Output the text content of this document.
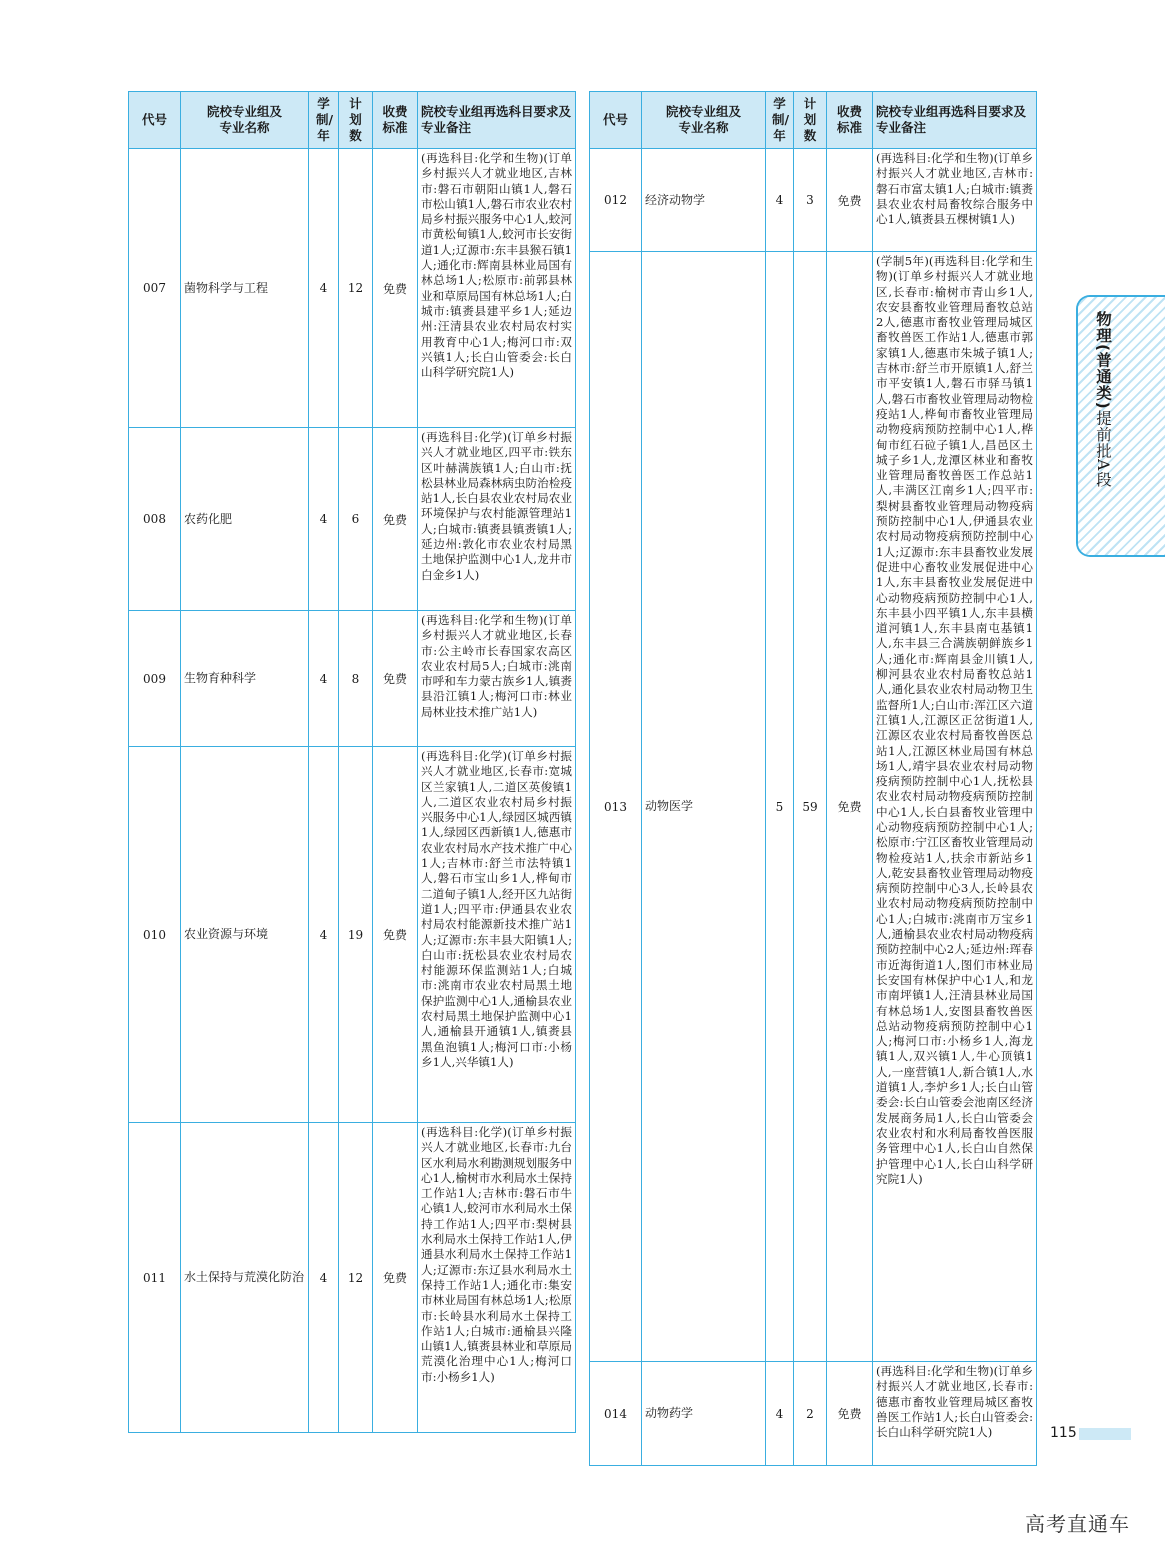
代号	院校专业组及专业名称	学制/年	计划数	收费标准	院校专业组再选科目要求及专业备注
007	菌物科学与工程	4	12	免费	(再选科目:化学和生物)(订单乡村振兴人才就业地区,吉林市:磐石市朝阳山镇1人,磐石市松山镇1人,磐石市农业农村局乡村振兴服务中心1人,蛟河市黄松甸镇1人,蛟河市长安街道1人;辽源市:东丰县猴石镇1人;通化市:辉南县林业局国有林总场1人;松原市:前郭县林业和草原局国有林总场1人;白城市:镇赉县建平乡1人;延边州:汪清县农业农村局农村实用教育中心1人;梅河口市:双兴镇1人;长白山管委会:长白山科学研究院1人)
008	农药化肥	4	6	免费	(再选科目:化学)(订单乡村振兴人才就业地区,四平市:铁东区叶赫满族镇1人;白山市:抚松县林业局森林病虫防治检疫站1人,长白县农业农村局农业环境保护与农村能源管理站1人;白城市:镇赉县镇赉镇1人;延边州:敦化市农业农村局黑土地保护监测中心1人,龙井市白金乡1人)
009	生物育种科学	4	8	免费	(再选科目:化学和生物)(订单乡村振兴人才就业地区,长春市:公主岭市长春国家农高区农业农村局5人;白城市:洮南市呼和车力蒙古族乡1人,镇赉县沿江镇1人;梅河口市:林业局林业技术推广站1人)
010	农业资源与环境	4	19	免费	(再选科目:化学)(订单乡村振兴人才就业地区,长春市:宽城区兰家镇1人,二道区英俊镇1人,二道区农业农村局乡村振兴服务中心1人,绿园区城西镇1人,绿园区西新镇1人,德惠市农业农村局水产技术推广中心1人;吉林市:舒兰市法特镇1人,磐石市宝山乡1人,桦甸市二道甸子镇1人,经开区九站街道1人;四平市:伊通县农业农村局农村能源新技术推广站1人;辽源市:东丰县大阳镇1人;白山市:抚松县农业农村局农村能源环保监测站1人;白城市:洮南市农业农村局黑土地保护监测中心1人,通榆县农业农村局黑土地保护监测中心1人,通榆县开通镇1人,镇赉县黑鱼泡镇1人;梅河口市:小杨乡1人,兴华镇1人)
011	水土保持与荒漠化防治	4	12	免费	(再选科目:化学)(订单乡村振兴人才就业地区,长春市:九台区水利局水利勘测规划服务中心1人,榆树市水利局水土保持工作站1人;吉林市:磐石市牛心镇1人,蛟河市水利局水土保持工作站1人;四平市:梨树县水利局水土保持工作站1人,伊通县水利局水土保持工作站1人;辽源市:东辽县水利局水土保持工作站1人;通化市:集安市林业局国有林总场1人;松原市:长岭县水利局水土保持工作站1人;白城市:通榆县兴隆山镇1人,镇赉县林业和草原局荒漠化治理中心1人;梅河口市:小杨乡1人)
代号	院校专业组及专业名称	学制/年	计划数	收费标准	院校专业组再选科目要求及专业备注
012	经济动物学	4	3	免费	(再选科目:化学和生物)(订单乡村振兴人才就业地区,吉林市:磐石市富太镇1人;白城市:镇赉县农业农村局畜牧综合服务中心1人,镇赉县五棵树镇1人)
013	动物医学	5	59	免费	(学制5年)(再选科目:化学和生物)(订单乡村振兴人才就业地区,长春市:榆树市青山乡1人,农安县畜牧业管理局畜牧总站2人,德惠市畜牧业管理局城区畜牧兽医工作站1人,德惠市郭家镇1人,德惠市朱城子镇1人;吉林市:舒兰市开原镇1人,舒兰市平安镇1人,磐石市驿马镇1人,磐石市畜牧业管理局动物检疫站1人,桦甸市畜牧业管理局动物疫病预防控制中心1人,桦甸市红石砬子镇1人,昌邑区土城子乡1人,龙潭区林业和畜牧业管理局畜牧兽医工作总站1人,丰满区江南乡1人;四平市:梨树县畜牧业管理局动物疫病预防控制中心1人,伊通县农业农村局动物疫病预防控制中心1人;辽源市:东丰县畜牧业发展促进中心畜牧业发展促进中心1人,东丰县畜牧业发展促进中心动物疫病预防控制中心1人,东丰县小四平镇1人,东丰县横道河镇1人,东丰县南屯基镇1人,东丰县三合满族朝鲜族乡1人;通化市:辉南县金川镇1人,柳河县农业农村局畜牧总站1人,通化县农业农村局动物卫生监督所1人;白山市:浑江区六道江镇1人,江源区正岔街道1人,江源区农业农村局畜牧兽医总站1人,江源区林业局国有林总场1人,靖宇县农业农村局动物疫病预防控制中心1人,抚松县农业农村局动物疫病预防控制中心1人,长白县畜牧业管理中心动物疫病预防控制中心1人;松原市:宁江区畜牧业管理局动物检疫站1人,扶余市新站乡1人,乾安县畜牧业管理局动物疫病预防控制中心3人,长岭县农业农村局动物疫病预防控制中心1人;白城市:洮南市万宝乡1人,通榆县农业农村局动物疫病预防控制中心2人;延边州:珲春市近海街道1人,图们市林业局长安国有林保护中心1人,和龙市南坪镇1人,汪清县林业局国有林总场1人,安图县畜牧兽医总站动物疫病预防控制中心1人;梅河口市:小杨乡1人,海龙镇1人,双兴镇1人,牛心顶镇1人,一座营镇1人,新合镇1人,水道镇1人,李炉乡1人;长白山管委会:长白山管委会池南区经济发展商务局1人,长白山管委会农业农村和水利局畜牧兽医服务管理中心1人,长白山自然保护管理中心1人,长白山科学研究院1人)
014	动物药学	4	2	免费	(再选科目:化学和生物)(订单乡村振兴人才就业地区,长春市:德惠市畜牧业管理局城区畜牧兽医工作站1人;长白山管委会:长白山科学研究院1人)
物理(普通类)提前批A段
115
高考直通车
